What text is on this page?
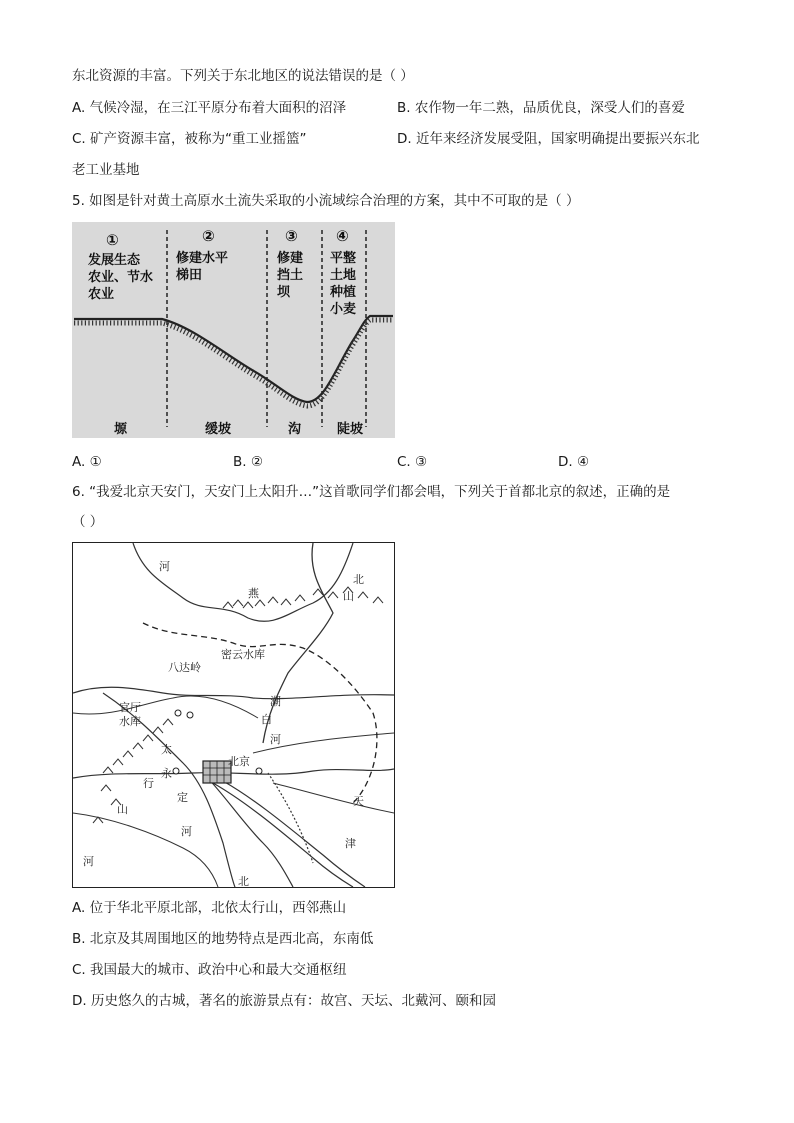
东北资源的丰富。下列关于东北地区的说法错误的是（ ）
A. 气候冷湿，在三江平原分布着大面积的沼泽	B. 农作物一年二熟，品质优良，深受人们的喜爱
C. 矿产资源丰富，被称为“重工业摇篮”	D. 近年来经济发展受阻，国家明确提出要振兴东北
老工业基地
5. 如图是针对黄土高原水土流失采取的小流域综合治理的方案，其中不可取的是（ ）
①
发展生态
农业、节水
农业
②
修建水平
梯田
③
修建
挡土
坝
④
平整
土地
种植
小麦
塬	缓坡	沟	陡坡
A. ①	B. ②	C. ③	D. ④
6. “我爱北京天安门，天安门上太阳升…”这首歌同学们都会唱，下列关于首都北京的叙述，正确的是
（ ）
河
北
山
燕
密云水库
八达岭
潮
白
河
官厅
水库
太
行
山
永
定
河
北京
天
津
河
北
A. 位于华北平原北部，北依太行山，西邻燕山
B. 北京及其周围地区的地势特点是西北高，东南低
C. 我国最大的城市、政治中心和最大交通枢纽
D. 历史悠久的古城，著名的旅游景点有：故宫、天坛、北戴河、颐和园
